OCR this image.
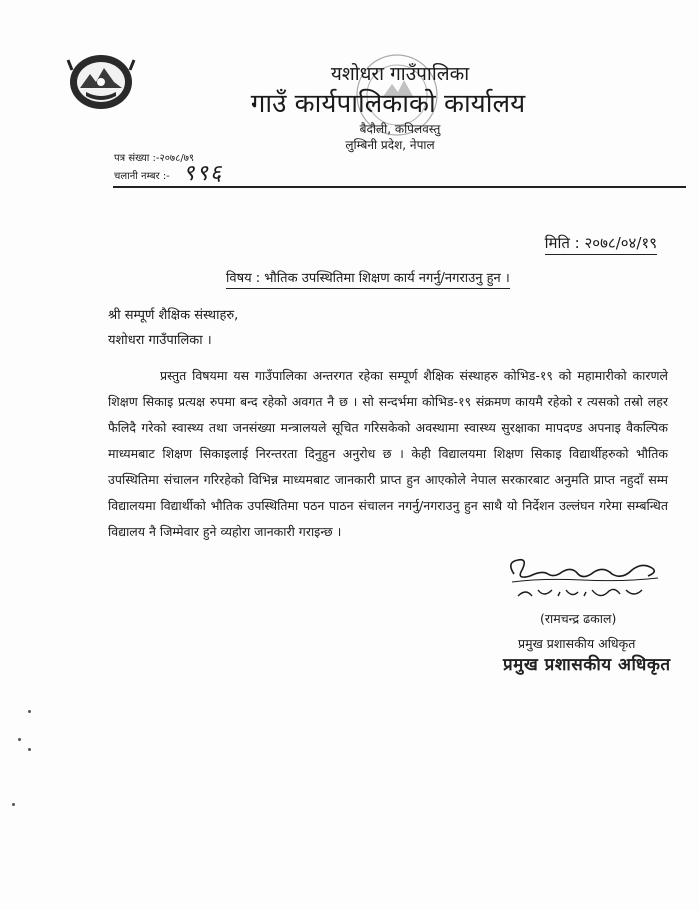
यशोधरा गाउँपालिका
गाउँ कार्यपालिकाको कार्यालय
बैदौली, कपिलवस्तु
लुम्बिनी प्रदेश, नेपाल
पत्र संख्या :-२०७८/७९
चलानी नम्बर :- ९९६
मिति : २०७८/०४/१९
विषय : भौतिक उपस्थितिमा शिक्षण कार्य नगर्नु/नगराउनु हुन ।
श्री सम्पूर्ण शैक्षिक संस्थाहरु,
यशोधरा गाउँपालिका ।
प्रस्तुत विषयमा यस गाउँपालिका अन्तरगत रहेका सम्पूर्ण शैक्षिक संस्थाहरु कोभिड-१९ को महामारीको कारणले शिक्षण सिकाइ प्रत्यक्ष रुपमा बन्द रहेको अवगत नै छ । सो सन्दर्भमा कोभिड-१९ संक्रमण कायमै रहेको र त्यसको तस्रो लहर फैलिदै गरेको स्वास्थ्य तथा जनसंख्या मन्त्रालयले सूचित गरिसकेको अवस्थामा स्वास्थ्य सुरक्षाका मापदण्ड अपनाइ वैकल्पिक माध्यमबाट शिक्षण सिकाइलाई निरन्तरता दिनुहुन अनुरोध छ । केही विद्यालयमा शिक्षण सिकाइ विद्यार्थीहरुको भौतिक उपस्थितिमा संचालन गरिरहेको विभिन्न माध्यमबाट जानकारी प्राप्त हुन आएकोले नेपाल सरकारबाट अनुमति प्राप्त नहुदाँ सम्म विद्यालयमा विद्यार्थीको भौतिक उपस्थितिमा पठन पाठन संचालन नगर्नु/नगराउनु हुन साथै यो निर्देशन उल्लंघन गरेमा सम्बन्धित विद्यालय नै जिम्मेवार हुने व्यहोरा जानकारी गराइन्छ ।
(रामचन्द्र ढकाल)
प्रमुख प्रशासकीय अधिकृत
प्रमुख प्रशासकीय अधिकृत
